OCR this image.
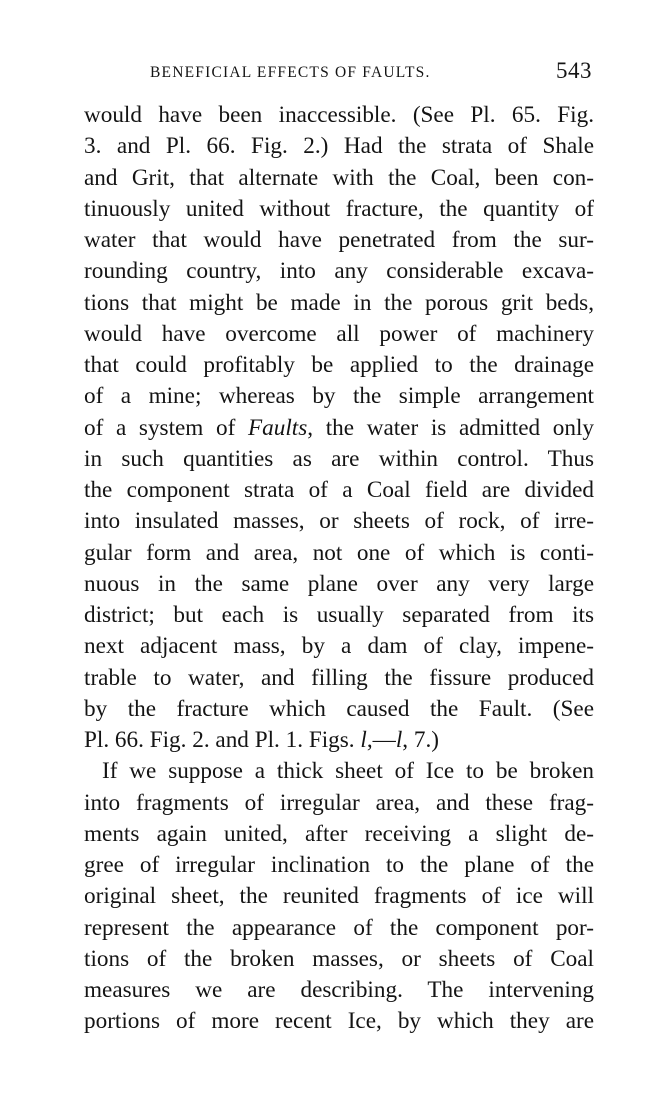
BENEFICIAL EFFECTS OF FAULTS.	543
would have been inaccessible. (See Pl. 65. Fig.
3. and Pl. 66. Fig. 2.) Had the strata of Shale
and Grit, that alternate with the Coal, been con-
tinuously united without fracture, the quantity of
water that would have penetrated from the sur-
rounding country, into any considerable excava-
tions that might be made in the porous grit beds,
would have overcome all power of machinery
that could profitably be applied to the drainage
of a mine; whereas by the simple arrangement
of a system of Faults, the water is admitted only
in such quantities as are within control. Thus
the component strata of a Coal field are divided
into insulated masses, or sheets of rock, of irre-
gular form and area, not one of which is conti-
nuous in the same plane over any very large
district; but each is usually separated from its
next adjacent mass, by a dam of clay, impene-
trable to water, and filling the fissure produced
by the fracture which caused the Fault. (See
Pl. 66. Fig. 2. and Pl. 1. Figs. l,—l, 7.)
If we suppose a thick sheet of Ice to be broken
into fragments of irregular area, and these frag-
ments again united, after receiving a slight de-
gree of irregular inclination to the plane of the
original sheet, the reunited fragments of ice will
represent the appearance of the component por-
tions of the broken masses, or sheets of Coal
measures we are describing. The intervening
portions of more recent Ice, by which they are
